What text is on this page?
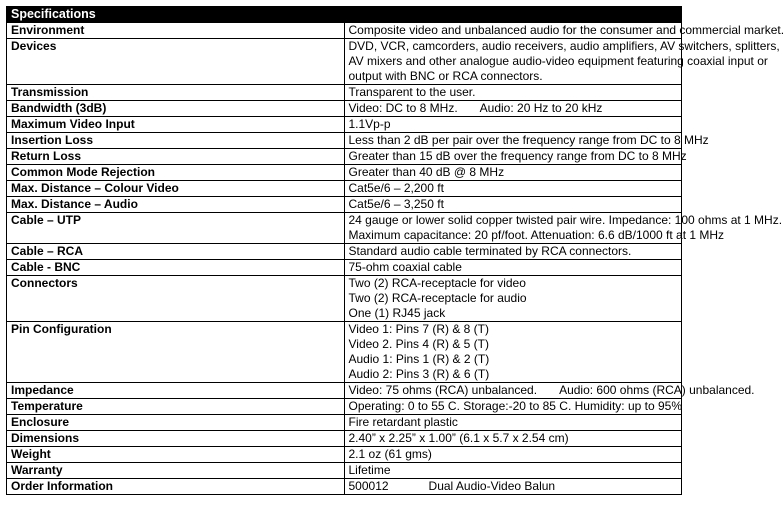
Specifications	
Environment	Composite video and unbalanced audio for the consumer and commercial market.

Devices	DVD, VCR, camcorders, audio receivers, audio amplifiers, AV switchers, splitters,
AV mixers and other analogue audio-video equipment featuring coaxial input or
output with BNC or RCA connectors.

Transmission	Transparent to the user.

Bandwidth (3dB)	Video: DC to 8 MHz. Audio: 20 Hz to 20 kHz

Maximum Video Input	1.1Vp-p

Insertion Loss	Less than 2 dB per pair over the frequency range from DC to 8 MHz

Return Loss	Greater than 15 dB over the frequency range from DC to 8 MHz

Common Mode Rejection	Greater than 40 dB @ 8 MHz

Max. Distance – Colour Video	Cat5e/6 – 2,200 ft

Max. Distance – Audio	Cat5e/6 – 3,250 ft

Cable – UTP	24 gauge or lower solid copper twisted pair wire. Impedance: 100 ohms at 1 MHz.
Maximum capacitance: 20 pf/foot. Attenuation: 6.6 dB/1000 ft at 1 MHz

Cable – RCA	Standard audio cable terminated by RCA connectors.

Cable - BNC	75-ohm coaxial cable

Connectors	Two (2) RCA-receptacle for video
Two (2) RCA-receptacle for audio
One (1) RJ45 jack

Pin Configuration	Video 1: Pins 7 (R) & 8 (T)
Video 2. Pins 4 (R) & 5 (T)
Audio 1: Pins 1 (R) & 2 (T)
Audio 2: Pins 3 (R) & 6 (T)

Impedance	Video: 75 ohms (RCA) unbalanced. Audio: 600 ohms (RCA) unbalanced.

Temperature	Operating: 0 to 55 C. Storage:-20 to 85 C. Humidity: up to 95%

Enclosure	Fire retardant plastic

Dimensions	2.40” x 2.25” x 1.00” (6.1 x 5.7 x 2.54 cm)

Weight	2.1 oz (61 gms)

Warranty	Lifetime

Order Information	500012 Dual Audio-Video Balun
